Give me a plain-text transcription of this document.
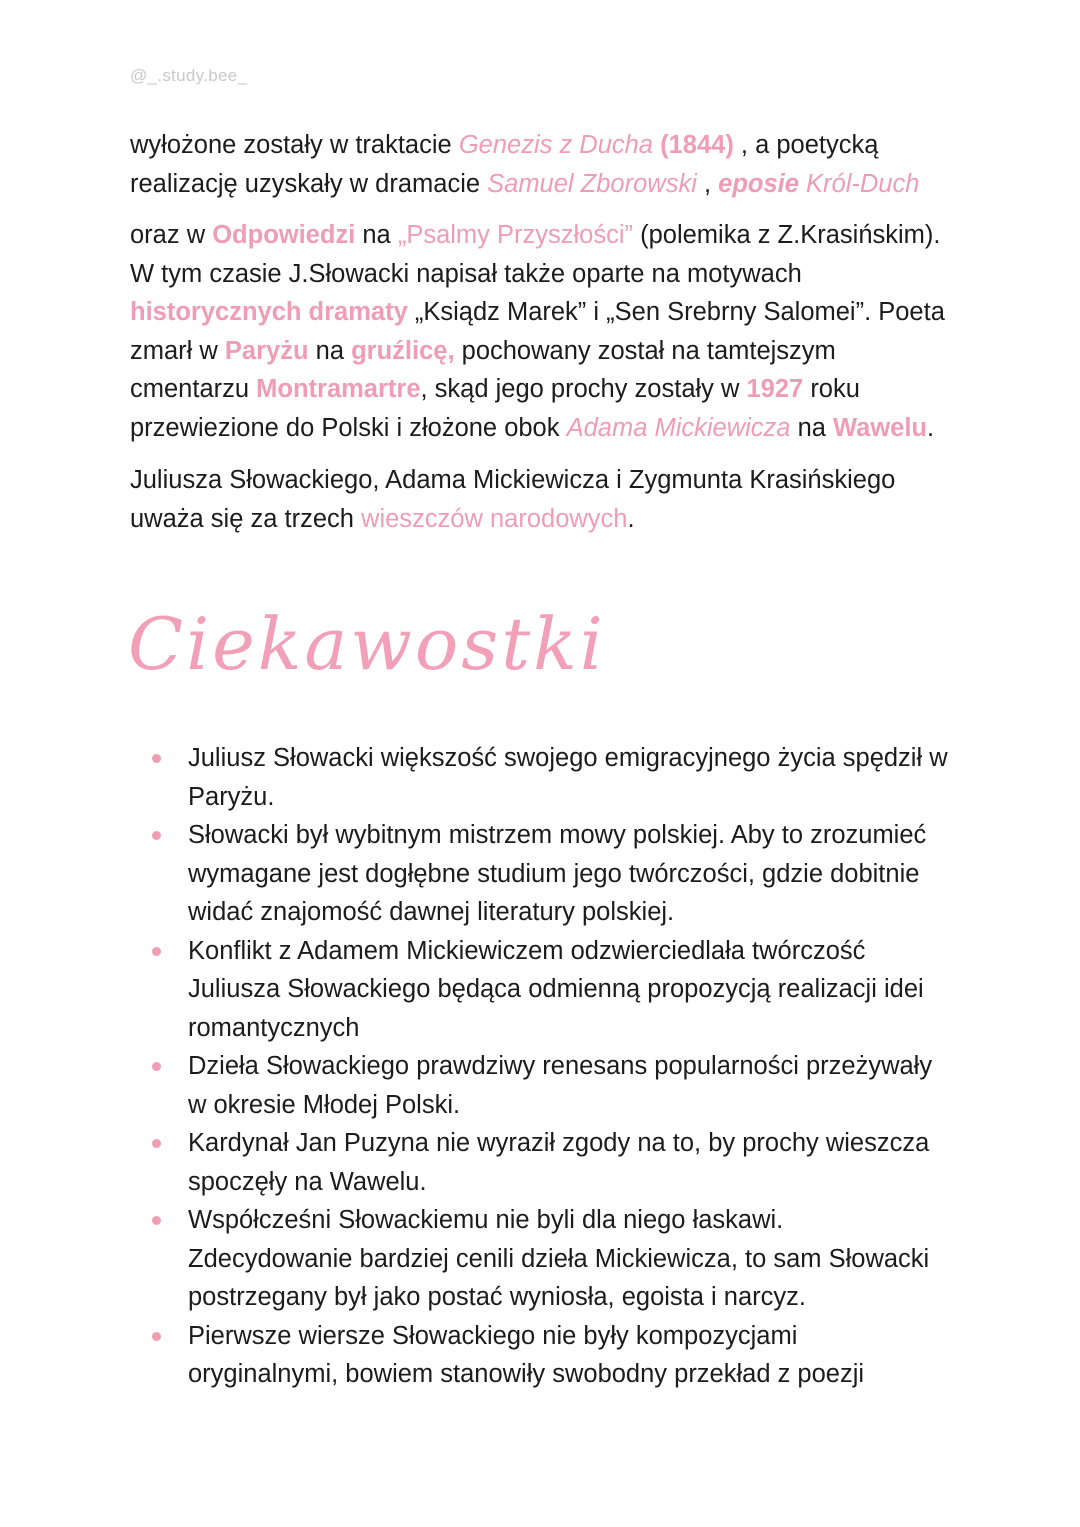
@_.study.bee_

wyłożone zostały w traktacie Genezis z Ducha (1844) , a poetycką realizację uzyskały w dramacie Samuel Zborowski , eposie Król-Duch

oraz w Odpowiedzi na „Psalmy Przyszłości” (polemika z Z.Krasińskim). W tym czasie J.Słowacki napisał także oparte na motywach historycznych dramaty „Ksiądz Marek” i „Sen Srebrny Salomei”. Poeta zmarł w Paryżu na gruźlicę, pochowany został na tamtejszym cmentarzu Montramartre, skąd jego prochy zostały w 1927 roku przewiezione do Polski i złożone obok Adama Mickiewicza na Wawelu.

Juliusza Słowackiego, Adama Mickiewicza i Zygmunta Krasińskiego uważa się za trzech wieszczów narodowych.

Ciekawostki
Juliusz Słowacki większość swojego emigracyjnego życia spędził w Paryżu.
Słowacki był wybitnym mistrzem mowy polskiej. Aby to zrozumieć wymagane jest dogłębne studium jego twórczości, gdzie dobitnie widać znajomość dawnej literatury polskiej.
Konflikt z Adamem Mickiewiczem odzwierciedlała twórczość Juliusza Słowackiego będąca odmienną propozycją realizacji idei romantycznych
Dzieła Słowackiego prawdziwy renesans popularności przeżywały w okresie Młodej Polski.
Kardynał Jan Puzyna nie wyraził zgody na to, by prochy wieszcza spoczęły na Wawelu.
Współcześni Słowackiemu nie byli dla niego łaskawi. Zdecydowanie bardziej cenili dzieła Mickiewicza, to sam Słowacki postrzegany był jako postać wyniosła, egoista i narcyz.
Pierwsze wiersze Słowackiego nie były kompozycjami oryginalnymi, bowiem stanowiły swobodny przekład z poezji
